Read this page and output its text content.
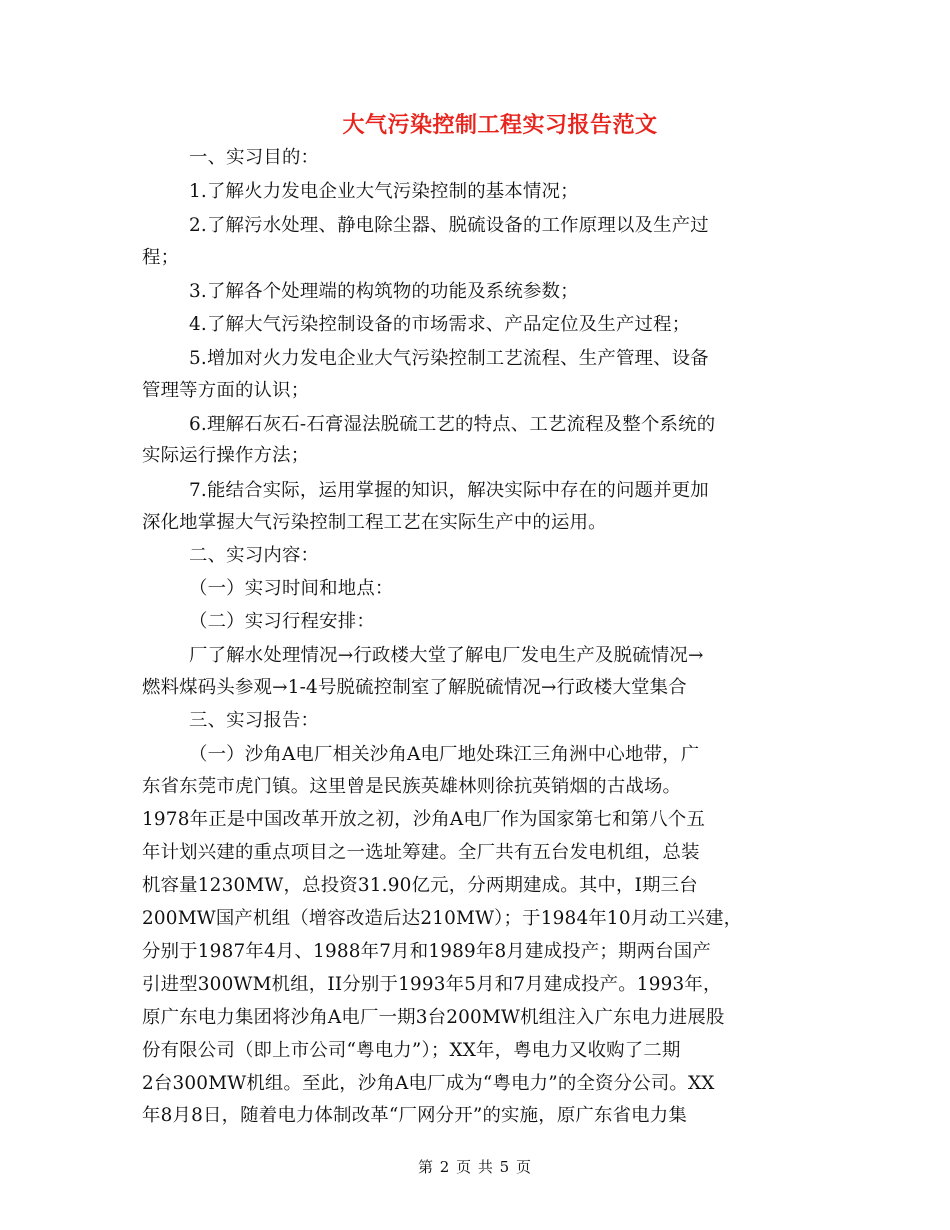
大气污染控制工程实习报告范文
一、实习目的：
1.了解火力发电企业大气污染控制的基本情况；
2.了解污水处理、静电除尘器、脱硫设备的工作原理以及生产过
程；
3.了解各个处理端的构筑物的功能及系统参数；
4.了解大气污染控制设备的市场需求、产品定位及生产过程；
5.增加对火力发电企业大气污染控制工艺流程、生产管理、设备
管理等方面的认识；
6.理解石灰石-石膏湿法脱硫工艺的特点、工艺流程及整个系统的
实际运行操作方法；
7.能结合实际，运用掌握的知识，解决实际中存在的问题并更加
深化地掌握大气污染控制工程工艺在实际生产中的运用。
二、实习内容：
（一）实习时间和地点：
（二）实习行程安排：
厂了解水处理情况→行政楼大堂了解电厂发电生产及脱硫情况→
燃料煤码头参观→1-4号脱硫控制室了解脱硫情况→行政楼大堂集合
三、实习报告：
（一）沙角A电厂相关沙角A电厂地处珠江三角洲中心地带，广
东省东莞市虎门镇。这里曾是民族英雄林则徐抗英销烟的古战场。
1978年正是中国改革开放之初，沙角A电厂作为国家第七和第八个五
年计划兴建的重点项目之一选址筹建。全厂共有五台发电机组，总装
机容量1230MW，总投资31.90亿元，分两期建成。其中，Ⅰ期三台
200MW国产机组（增容改造后达210MW）；于1984年10月动工兴建，
分别于1987年4月、1988年7月和1989年8月建成投产；期两台国产
引进型300WM机组，II分别于1993年5月和7月建成投产。1993年，
原广东电力集团将沙角A电厂一期3台200MW机组注入广东电力进展股
份有限公司（即上市公司“粤电力”）；XX年，粤电力又收购了二期
2台300MW机组。至此，沙角A电厂成为“粤电力”的全资分公司。XX
年8月8日，随着电力体制改革“厂网分开”的实施，原广东省电力集
第 2 页 共 5 页
